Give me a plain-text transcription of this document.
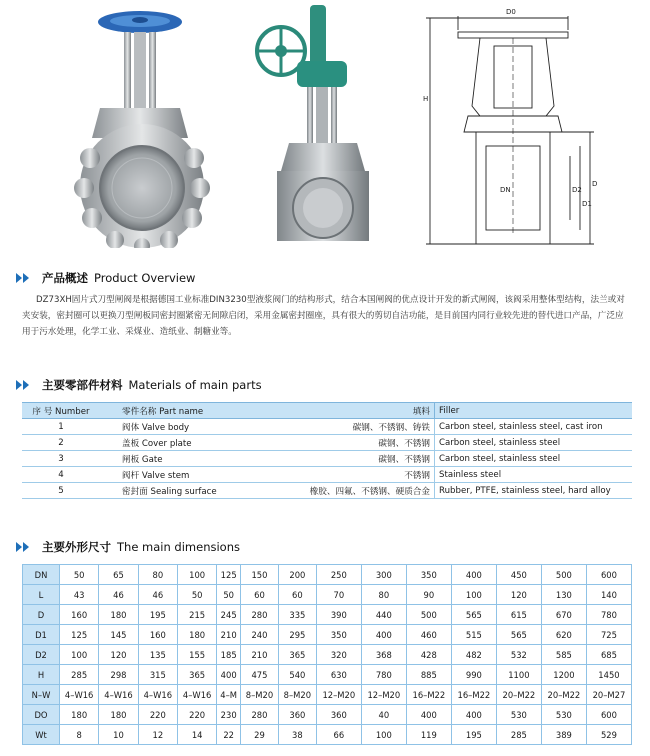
D0
H
D
D1
D2
DN
产品概述 Product Overview
DZ73XH固片式刀型闸阀是根据德国工业标准DIN3230型液浆阀门的结构形式，结合本国闸阀的优点设计开发的新式闸阀，该阀采用整体型结构，法兰或对夹安装，密封圈可以更换刀型闸板同密封圈紧密无间隙启闭，采用金属密封圈座，具有很大的剪切自洁功能，是目前国内同行业较先进的替代进口产品，广泛应用于污水处理，化学工业、采煤业、造纸业、制糖业等。
主要零部件材料 Materials of main parts
序 号 Number	零件名称 Part name	填料	Filler
1	阀体 Valve body	碳钢、不锈钢、铸铁	Carbon steel, stainless steel, cast iron
2	盖板 Cover plate	碳钢、不锈钢	Carbon steel, stainless steel
3	闸板 Gate	碳钢、不锈钢	Carbon steel, stainless steel
4	阀杆 Valve stem	不锈钢	Stainless steel
5	密封面 Sealing surface	橡胶、四氟、不锈钢、硬质合金	Rubber, PTFE, stainless steel, hard alloy
主要外形尺寸 The main dimensions
DN	50	65	80	100	125	150	200	250	300	350	400	450	500	600
L	43	46	46	50	50	60	60	70	80	90	100	120	130	140
D	160	180	195	215	245	280	335	390	440	500	565	615	670	780
D1	125	145	160	180	210	240	295	350	400	460	515	565	620	725
D2	100	120	135	155	185	210	365	320	368	428	482	532	585	685
H	285	298	315	365	400	475	540	630	780	885	990	1100	1200	1450
N–W	4–W16	4–W16	4–W16	4–W16	4–M	8–M20	8–M20	12–M20	12–M20	16–M22	16–M22	20–M22	20–M22	20–M27
DO	180	180	220	220	230	280	360	360	40	400	400	530	530	600
Wt	8	10	12	14	22	29	38	66	100	119	195	285	389	529
